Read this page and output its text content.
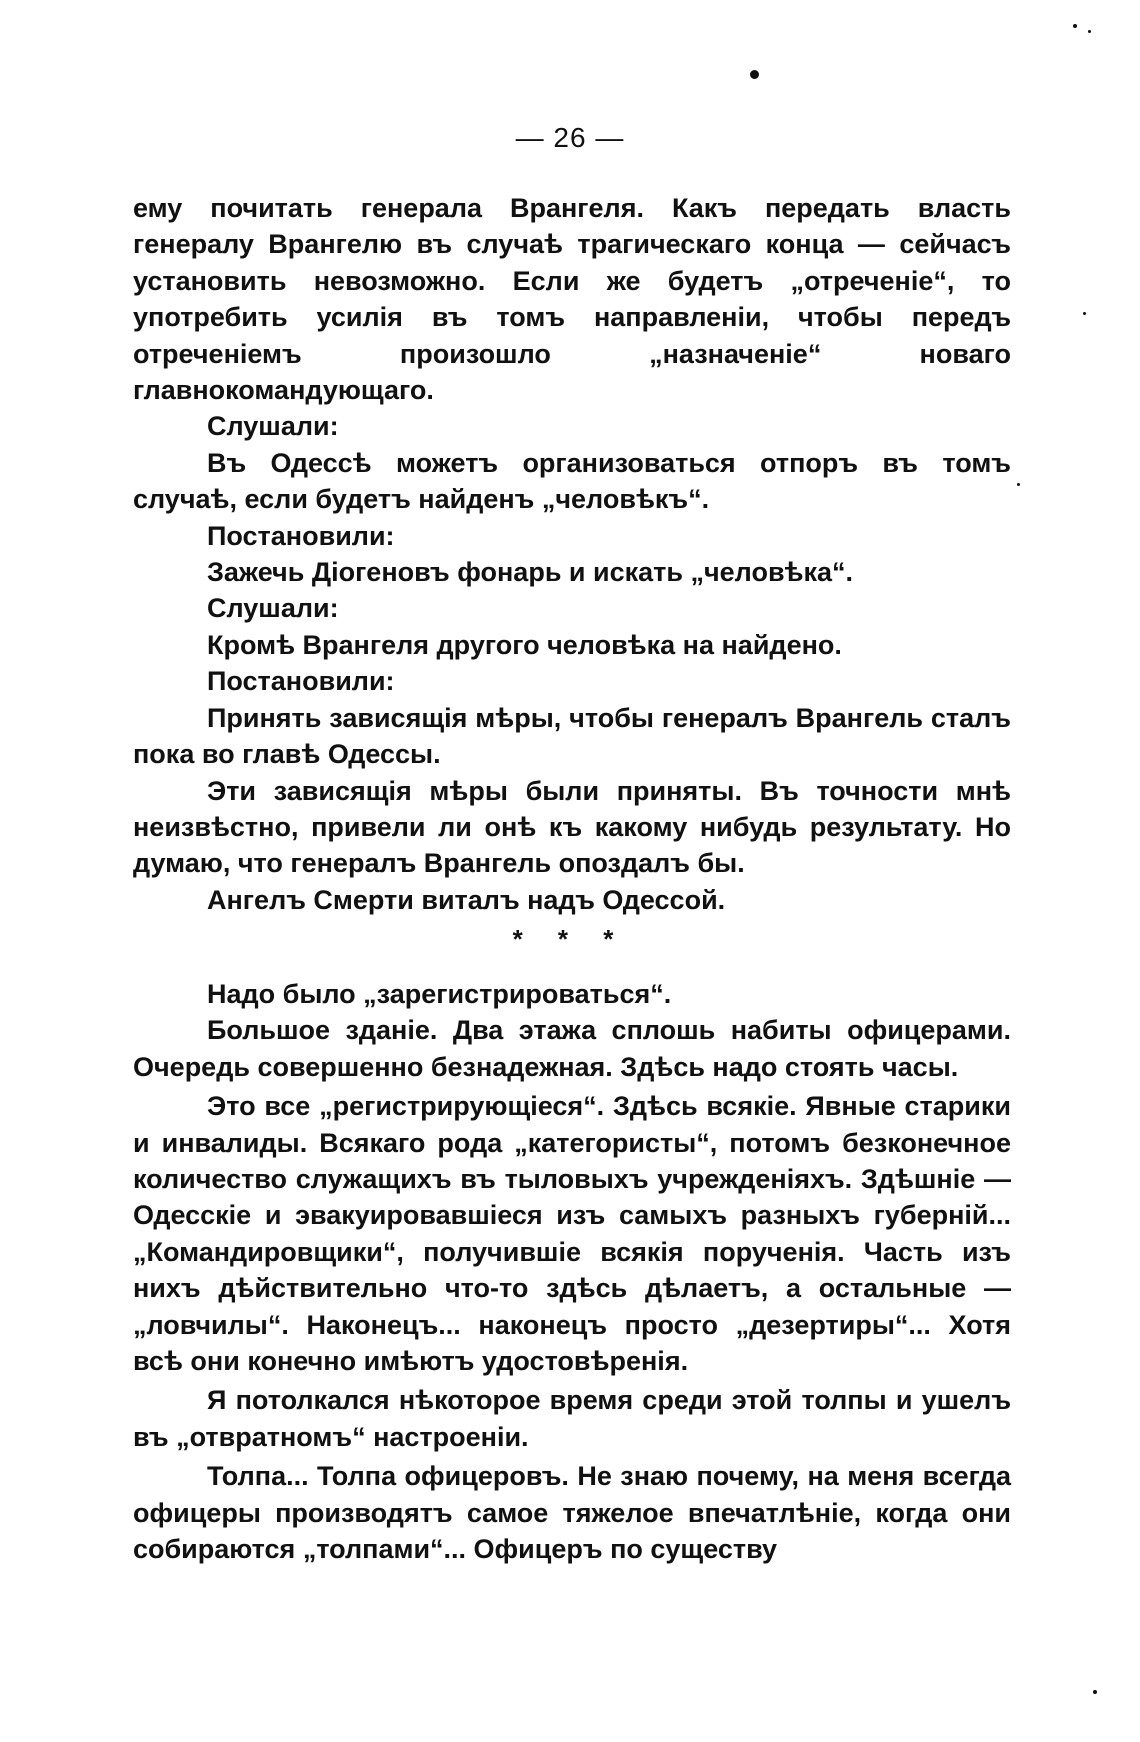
— 26 —

ему почитать генерала Врангеля. Какъ передать власть генералу Врангелю въ случаѣ трагическаго конца — сейчасъ установить невозможно. Если же будетъ „отреченіе“, то употребить усилія въ томъ направленіи, чтобы передъ отреченіемъ произошло „назначеніе“ новаго главнокомандующаго.

Слушали:

Въ Одессѣ можетъ организоваться отпоръ въ томъ случаѣ, если будетъ найденъ „человѣкъ“.

Постановили:

Зажечь Діогеновъ фонарь и искать „человѣка“.

Слушали:

Кромѣ Врангеля другого человѣка на найдено.

Постановили:

Принять зависящія мѣры, чтобы генералъ Врангель сталъ пока во главѣ Одессы.

Эти зависящія мѣры были приняты. Въ точности мнѣ неизвѣстно, привели ли онѣ къ какому нибудь результату. Но думаю, что генералъ Врангель опоздалъ бы.

Ангелъ Смерти виталъ надъ Одессой.

* * *

Надо было „зарегистрироваться“.

Большое зданіе. Два этажа сплошь набиты офицерами. Очередь совершенно безнадежная. Здѣсь надо стоять часы.

Это все „регистрирующіеся“. Здѣсь всякіе. Явные старики и инвалиды. Всякаго рода „категористы“, потомъ безконечное количество служащихъ въ тыловыхъ учрежденіяхъ. Здѣшніе — Одесскіе и эвакуировавшіеся изъ самыхъ разныхъ губерній... „Командировщики“, получившіе всякія порученія. Часть изъ нихъ дѣйствительно что-то здѣсь дѣлаетъ, а остальные — „ловчилы“. Наконецъ... наконецъ просто „дезертиры“... Хотя всѣ они конечно имѣютъ удостовѣренія.

Я потолкался нѣкоторое время среди этой толпы и ушелъ въ „отвратномъ“ настроеніи.

Толпа... Толпа офицеровъ. Не знаю почему, на меня всегда офицеры производятъ самое тяжелое впечатлѣніе, когда они собираются „толпами“... Офицеръ по существу
